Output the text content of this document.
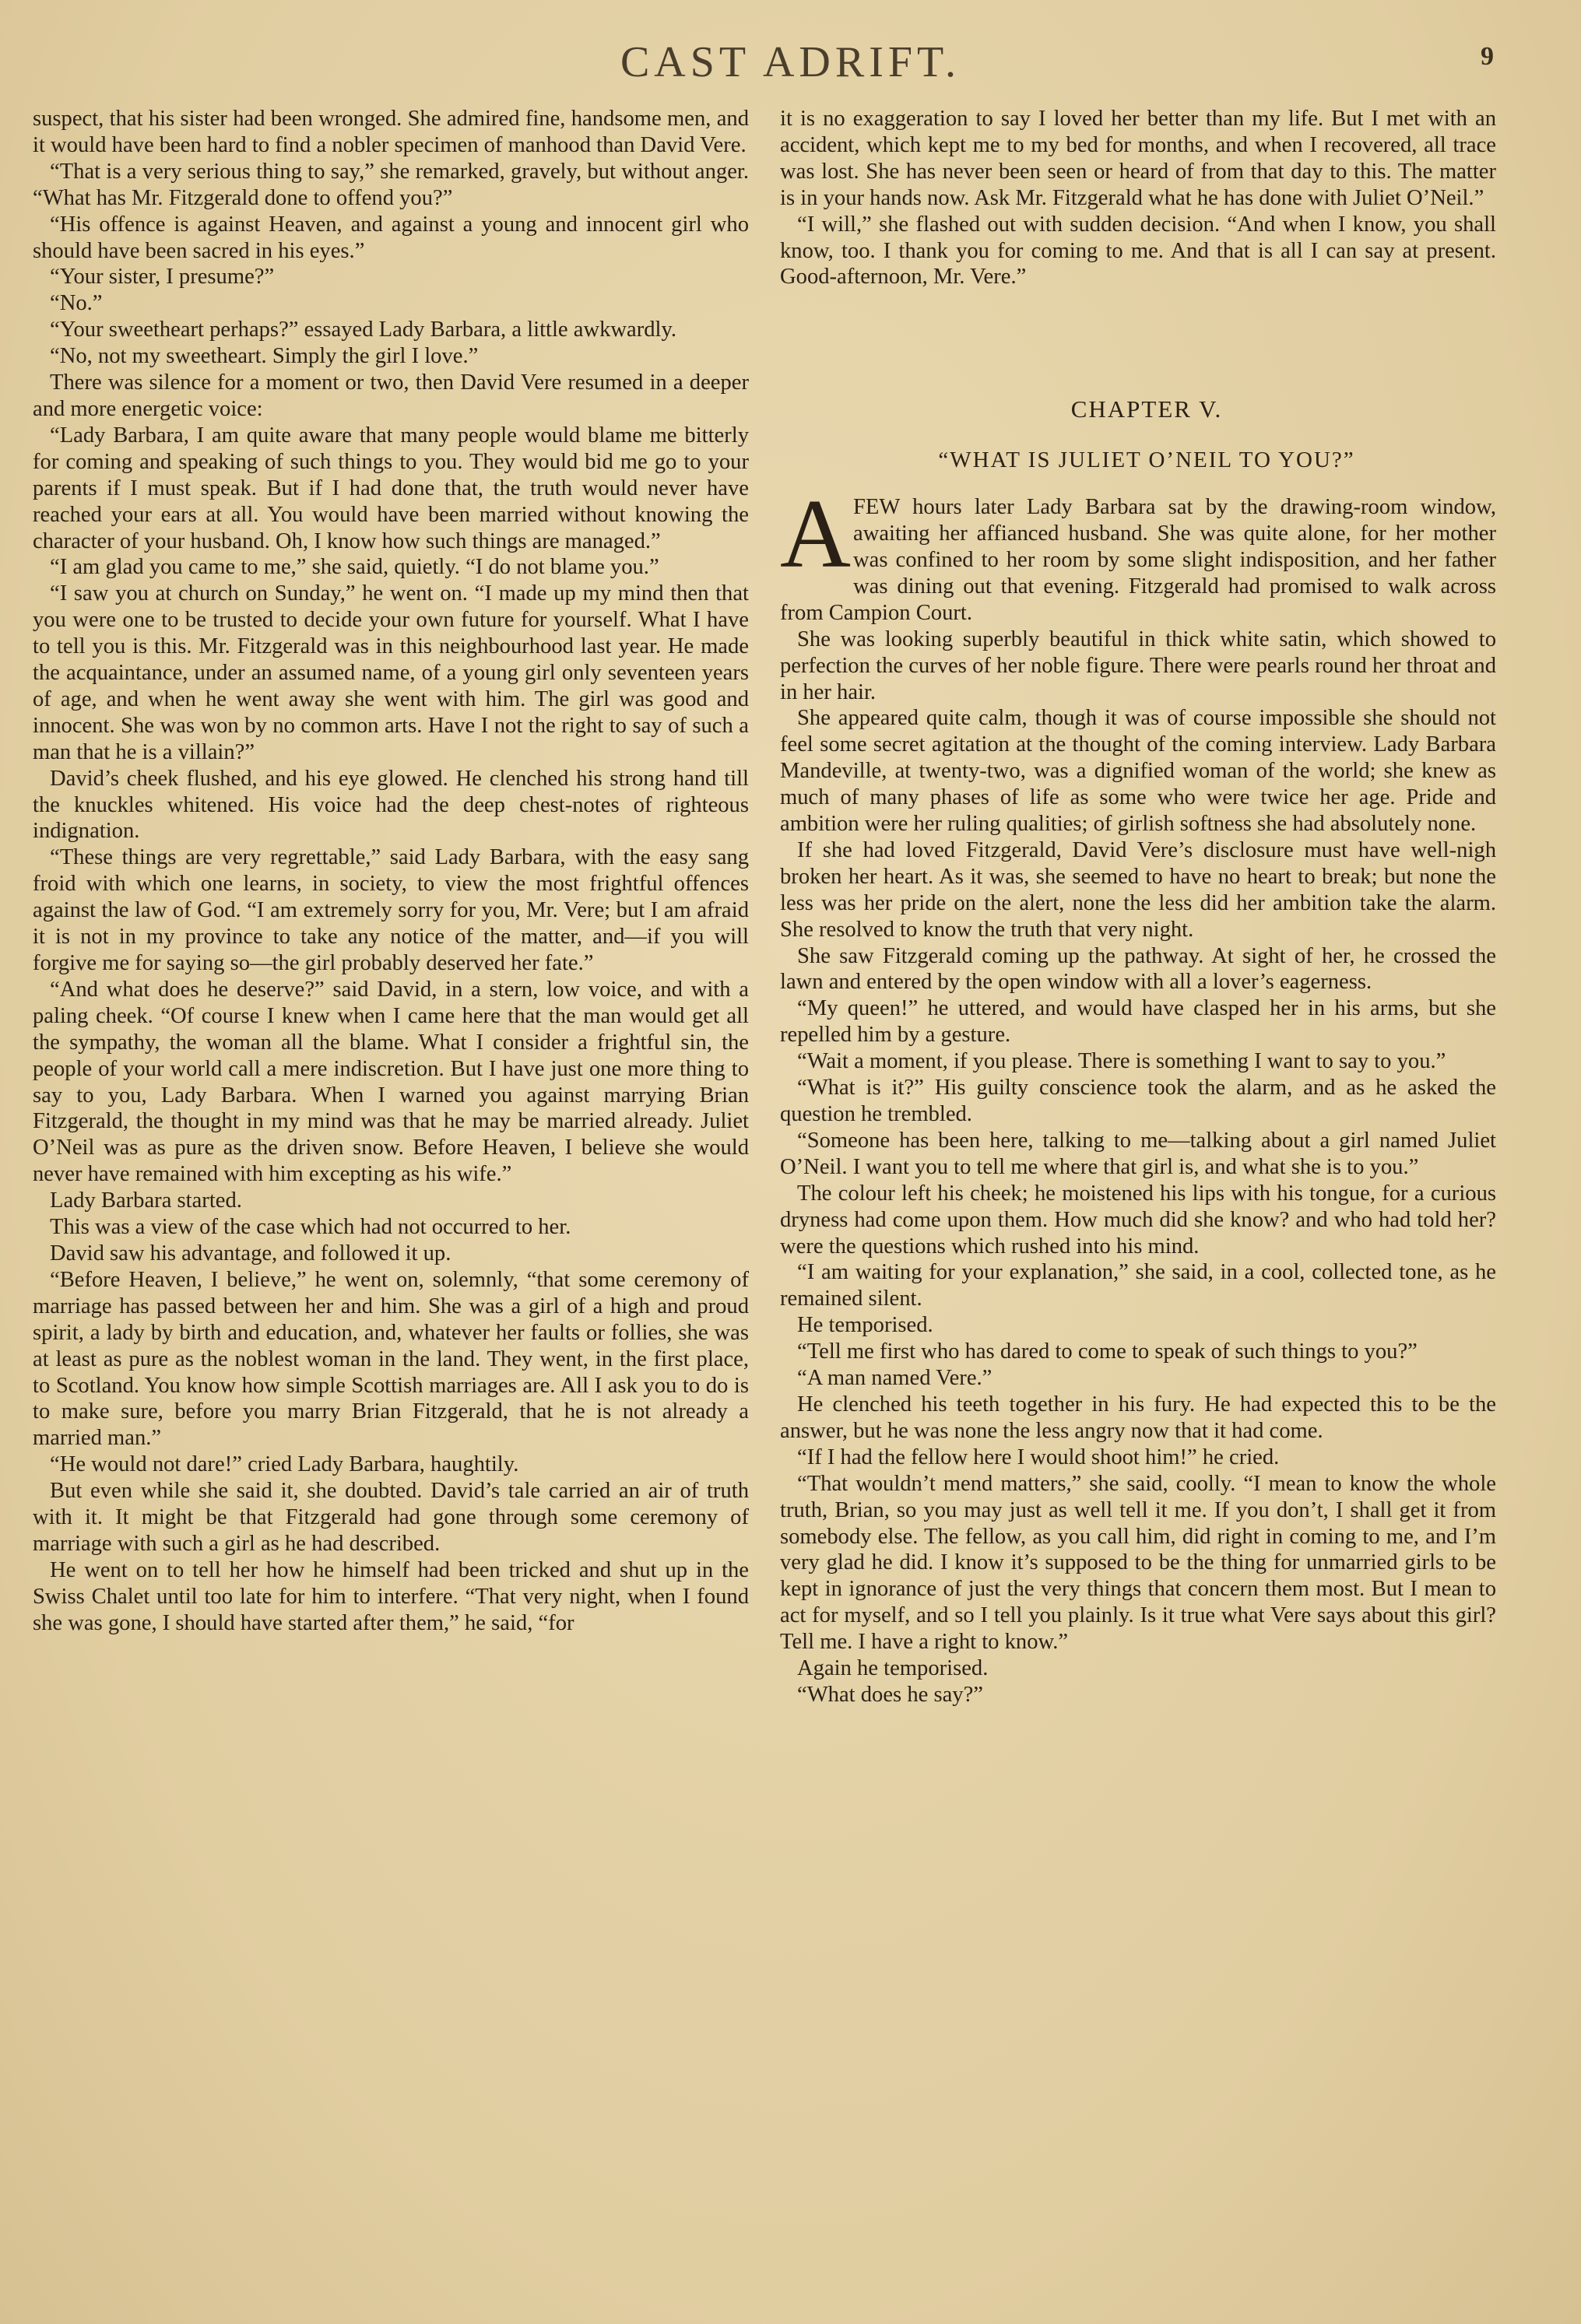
CAST ADRIFT.	9

suspect, that his sister had been wronged. She admired fine, handsome men, and it would have been hard to find a nobler specimen of manhood than David Vere.

“That is a very serious thing to say,” she remarked, gravely, but without anger. “What has Mr. Fitzgerald done to offend you?”

“His offence is against Heaven, and against a young and innocent girl who should have been sacred in his eyes.”

“Your sister, I presume?”

“No.”

“Your sweetheart perhaps?” essayed Lady Barbara, a little awkwardly.

“No, not my sweetheart. Simply the girl I love.”

There was silence for a moment or two, then David Vere resumed in a deeper and more energetic voice:

“Lady Barbara, I am quite aware that many people would blame me bitterly for coming and speaking of such things to you. They would bid me go to your parents if I must speak. But if I had done that, the truth would never have reached your ears at all. You would have been married without knowing the character of your husband. Oh, I know how such things are managed.”

“I am glad you came to me,” she said, quietly. “I do not blame you.”

“I saw you at church on Sunday,” he went on. “I made up my mind then that you were one to be trusted to decide your own future for yourself. What I have to tell you is this. Mr. Fitzgerald was in this neighbourhood last year. He made the acquaintance, under an assumed name, of a young girl only seventeen years of age, and when he went away she went with him. The girl was good and innocent. She was won by no common arts. Have I not the right to say of such a man that he is a villain?”

David’s cheek flushed, and his eye glowed. He clenched his strong hand till the knuckles whitened. His voice had the deep chest-notes of righteous indignation.

“These things are very regrettable,” said Lady Barbara, with the easy sang froid with which one learns, in society, to view the most frightful offences against the law of God. “I am extremely sorry for you, Mr. Vere; but I am afraid it is not in my province to take any notice of the matter, and—if you will forgive me for saying so—the girl probably deserved her fate.”

“And what does he deserve?” said David, in a stern, low voice, and with a paling cheek. “Of course I knew when I came here that the man would get all the sympathy, the woman all the blame. What I consider a frightful sin, the people of your world call a mere indiscretion. But I have just one more thing to say to you, Lady Barbara. When I warned you against marrying Brian Fitzgerald, the thought in my mind was that he may be married already. Juliet O’Neil was as pure as the driven snow. Before Heaven, I believe she would never have remained with him excepting as his wife.”

Lady Barbara started.

This was a view of the case which had not occurred to her.

David saw his advantage, and followed it up.

“Before Heaven, I believe,” he went on, solemnly, “that some ceremony of marriage has passed between her and him. She was a girl of a high and proud spirit, a lady by birth and education, and, whatever her faults or follies, she was at least as pure as the noblest woman in the land. They went, in the first place, to Scotland. You know how simple Scottish marriages are. All I ask you to do is to make sure, before you marry Brian Fitzgerald, that he is not already a married man.”

“He would not dare!” cried Lady Barbara, haughtily.

But even while she said it, she doubted. David’s tale carried an air of truth with it. It might be that Fitzgerald had gone through some ceremony of marriage with such a girl as he had described.

He went on to tell her how he himself had been tricked and shut up in the Swiss Chalet until too late for him to interfere. “That very night, when I found she was gone, I should have started after them,” he said, “for

it is no exaggeration to say I loved her better than my life. But I met with an accident, which kept me to my bed for months, and when I recovered, all trace was lost. She has never been seen or heard of from that day to this. The matter is in your hands now. Ask Mr. Fitzgerald what he has done with Juliet O’Neil.”

“I will,” she flashed out with sudden decision. “And when I know, you shall know, too. I thank you for coming to me. And that is all I can say at present. Good-afternoon, Mr. Vere.”

CHAPTER V.

“WHAT IS JULIET O’NEIL TO YOU?”

A FEW hours later Lady Barbara sat by the drawing-room window, awaiting her affianced husband. She was quite alone, for her mother was confined to her room by some slight indisposition, and her father was dining out that evening. Fitzgerald had promised to walk across from Campion Court.

She was looking superbly beautiful in thick white satin, which showed to perfection the curves of her noble figure. There were pearls round her throat and in her hair.

She appeared quite calm, though it was of course impossible she should not feel some secret agitation at the thought of the coming interview. Lady Barbara Mandeville, at twenty-two, was a dignified woman of the world; she knew as much of many phases of life as some who were twice her age. Pride and ambition were her ruling qualities; of girlish softness she had absolutely none.

If she had loved Fitzgerald, David Vere’s disclosure must have well-nigh broken her heart. As it was, she seemed to have no heart to break; but none the less was her pride on the alert, none the less did her ambition take the alarm. She resolved to know the truth that very night.

She saw Fitzgerald coming up the pathway. At sight of her, he crossed the lawn and entered by the open window with all a lover’s eagerness.

“My queen!” he uttered, and would have clasped her in his arms, but she repelled him by a gesture.

“Wait a moment, if you please. There is something I want to say to you.”

“What is it?” His guilty conscience took the alarm, and as he asked the question he trembled.

“Someone has been here, talking to me—talking about a girl named Juliet O’Neil. I want you to tell me where that girl is, and what she is to you.”

The colour left his cheek; he moistened his lips with his tongue, for a curious dryness had come upon them. How much did she know? and who had told her? were the questions which rushed into his mind.

“I am waiting for your explanation,” she said, in a cool, collected tone, as he remained silent.

He temporised.

“Tell me first who has dared to come to speak of such things to you?”

“A man named Vere.”

He clenched his teeth together in his fury. He had expected this to be the answer, but he was none the less angry now that it had come.

“If I had the fellow here I would shoot him!” he cried.

“That wouldn’t mend matters,” she said, coolly. “I mean to know the whole truth, Brian, so you may just as well tell it me. If you don’t, I shall get it from somebody else. The fellow, as you call him, did right in coming to me, and I’m very glad he did. I know it’s supposed to be the thing for unmarried girls to be kept in ignorance of just the very things that concern them most. But I mean to act for myself, and so I tell you plainly. Is it true what Vere says about this girl? Tell me. I have a right to know.”

Again he temporised.

“What does he say?”
